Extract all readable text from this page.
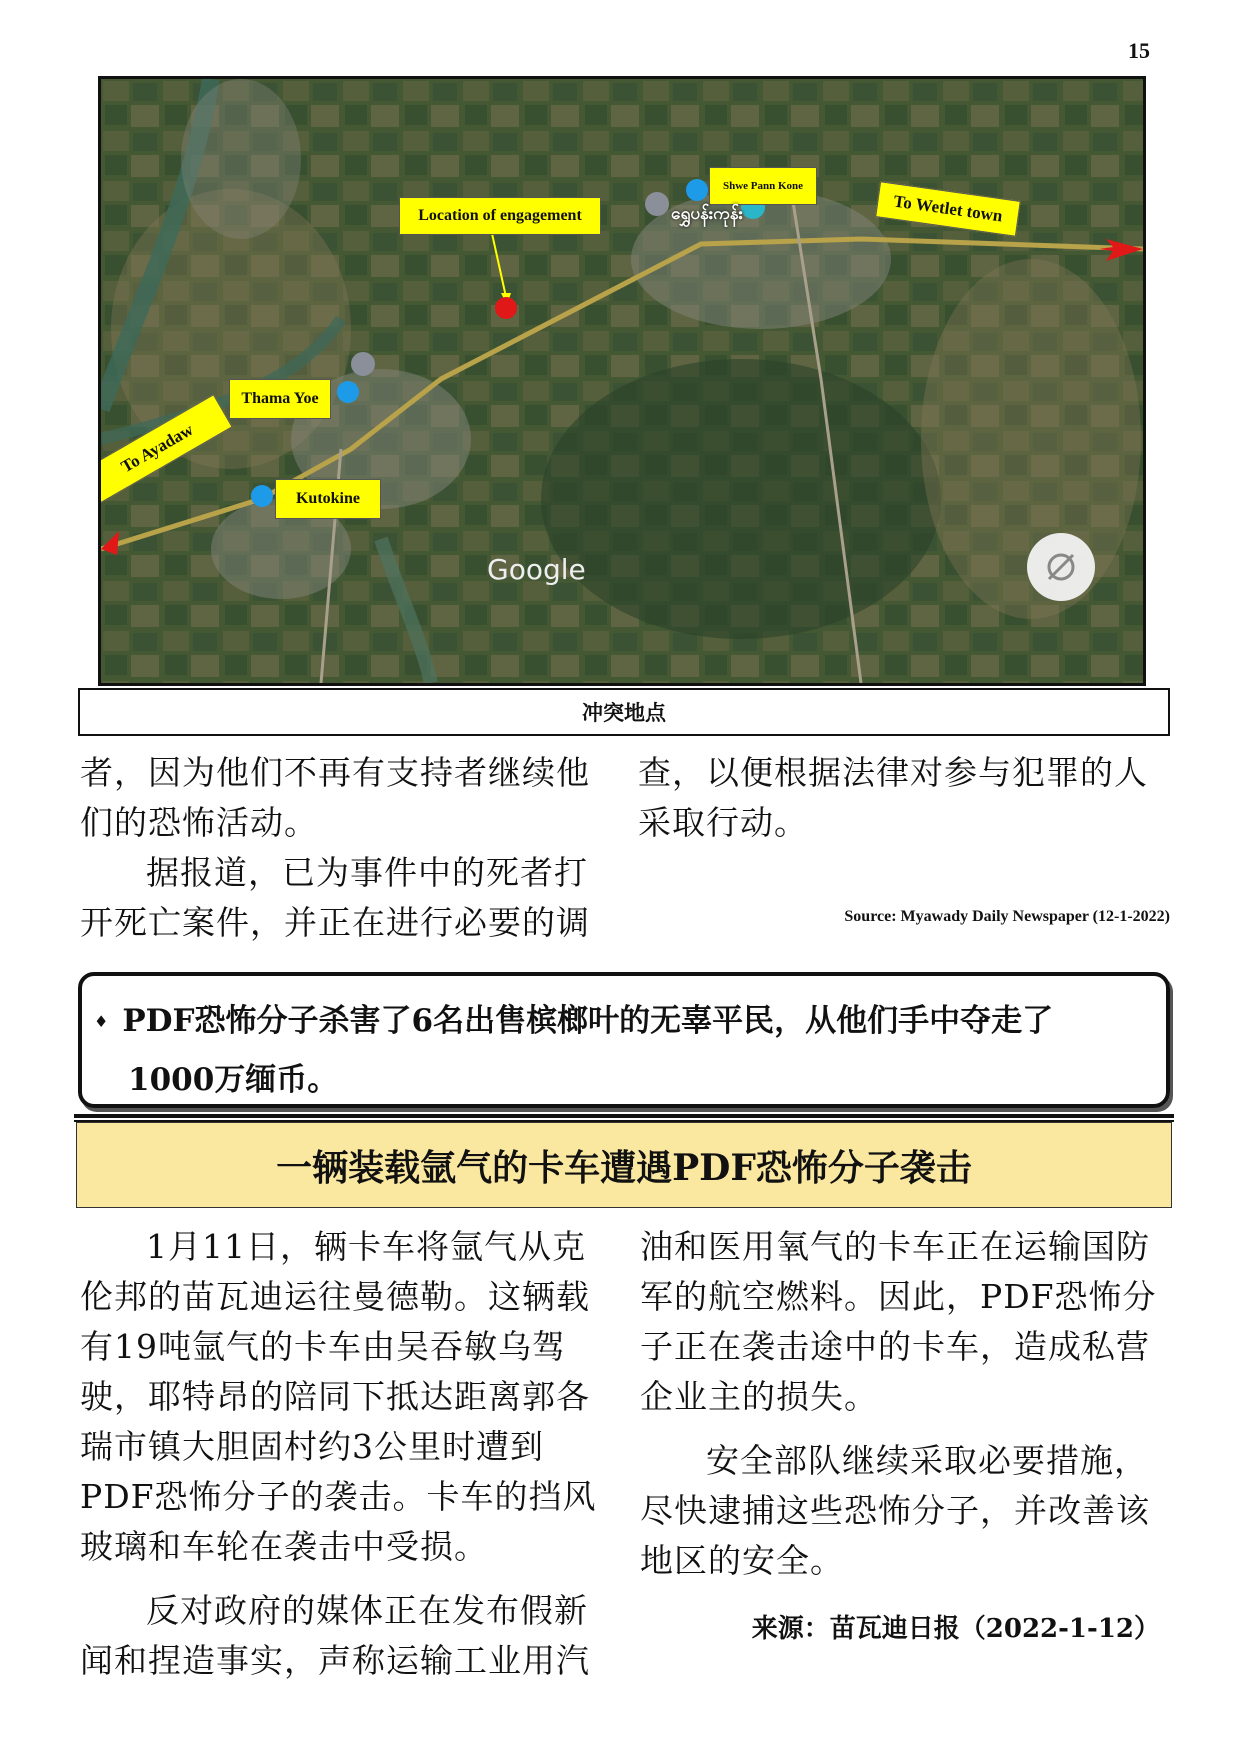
15
Location of engagement
Shwe Pann Kone
ရွှေပန်းကုန်း	To Wetlet town
Thama Yoe
To Ayadaw
Kutokine
Google
冲突地点

者，因为他们不再有支持者继续他们的恐怖活动。

据报道，已为事件中的死者打开死亡案件，并正在进行必要的调

查，以便根据法律对参与犯罪的人采取行动。

Source: Myawady Daily Newspaper (12-1-2022)
♦ PDF恐怖分子杀害了6名出售槟榔叶的无辜平民，从他们手中夺走了
1000万缅币。
一辆装载氩气的卡车遭遇PDF恐怖分子袭击

1月11日，辆卡车将氩气从克伦邦的苗瓦迪运往曼德勒。这辆载有19吨氩气的卡车由吴吞敏乌驾驶，耶特昂的陪同下抵达距离郭各瑞市镇大胆固村约3公里时遭到PDF恐怖分子的袭击。卡车的挡风玻璃和车轮在袭击中受损。

反对政府的媒体正在发布假新闻和捏造事实，声称运输工业用汽

油和医用氧气的卡车正在运输国防军的航空燃料。因此，PDF恐怖分子正在袭击途中的卡车，造成私营企业主的损失。

安全部队继续采取必要措施，尽快逮捕这些恐怖分子，并改善该地区的安全。

来源：苗瓦迪日报（2022-1-12）
